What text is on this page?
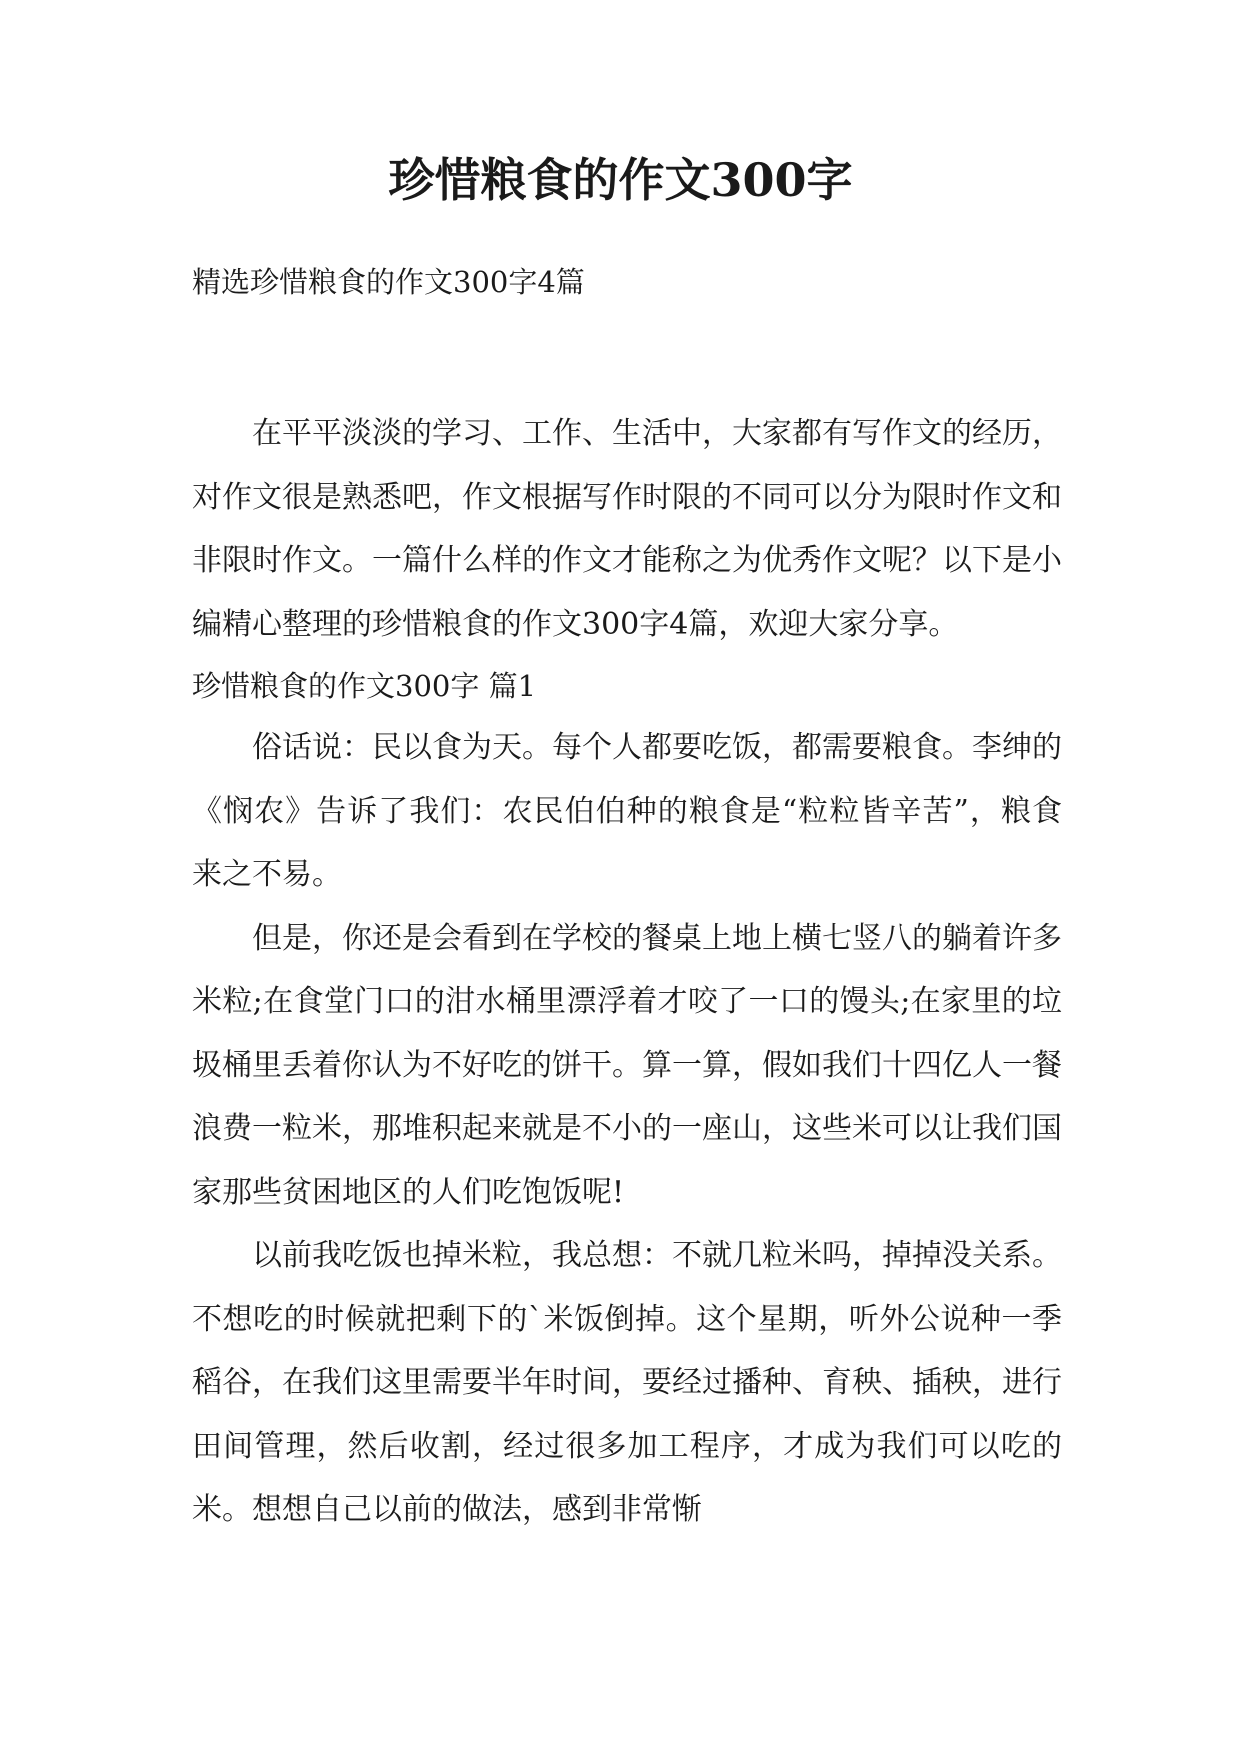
珍惜粮食的作文300字

精选珍惜粮食的作文300字4篇

在平平淡淡的学习、工作、生活中，大家都有写作文的经历，对作文很是熟悉吧，作文根据写作时限的不同可以分为限时作文和非限时作文。一篇什么样的作文才能称之为优秀作文呢？以下是小编精心整理的珍惜粮食的作文300字4篇，欢迎大家分享。

珍惜粮食的作文300字 篇1

俗话说：民以食为天。每个人都要吃饭，都需要粮食。李绅的《悯农》告诉了我们：农民伯伯种的粮食是“粒粒皆辛苦”，粮食来之不易。

但是，你还是会看到在学校的餐桌上地上横七竖八的躺着许多米粒;在食堂门口的泔水桶里漂浮着才咬了一口的馒头;在家里的垃圾桶里丢着你认为不好吃的饼干。算一算，假如我们十四亿人一餐浪费一粒米，那堆积起来就是不小的一座山，这些米可以让我们国家那些贫困地区的人们吃饱饭呢!

以前我吃饭也掉米粒，我总想：不就几粒米吗，掉掉没关系。不想吃的时候就把剩下的`米饭倒掉。这个星期，听外公说种一季稻谷，在我们这里需要半年时间，要经过播种、育秧、插秧，进行田间管理，然后收割，经过很多加工程序，才成为我们可以吃的米。想想自己以前的做法，感到非常惭
